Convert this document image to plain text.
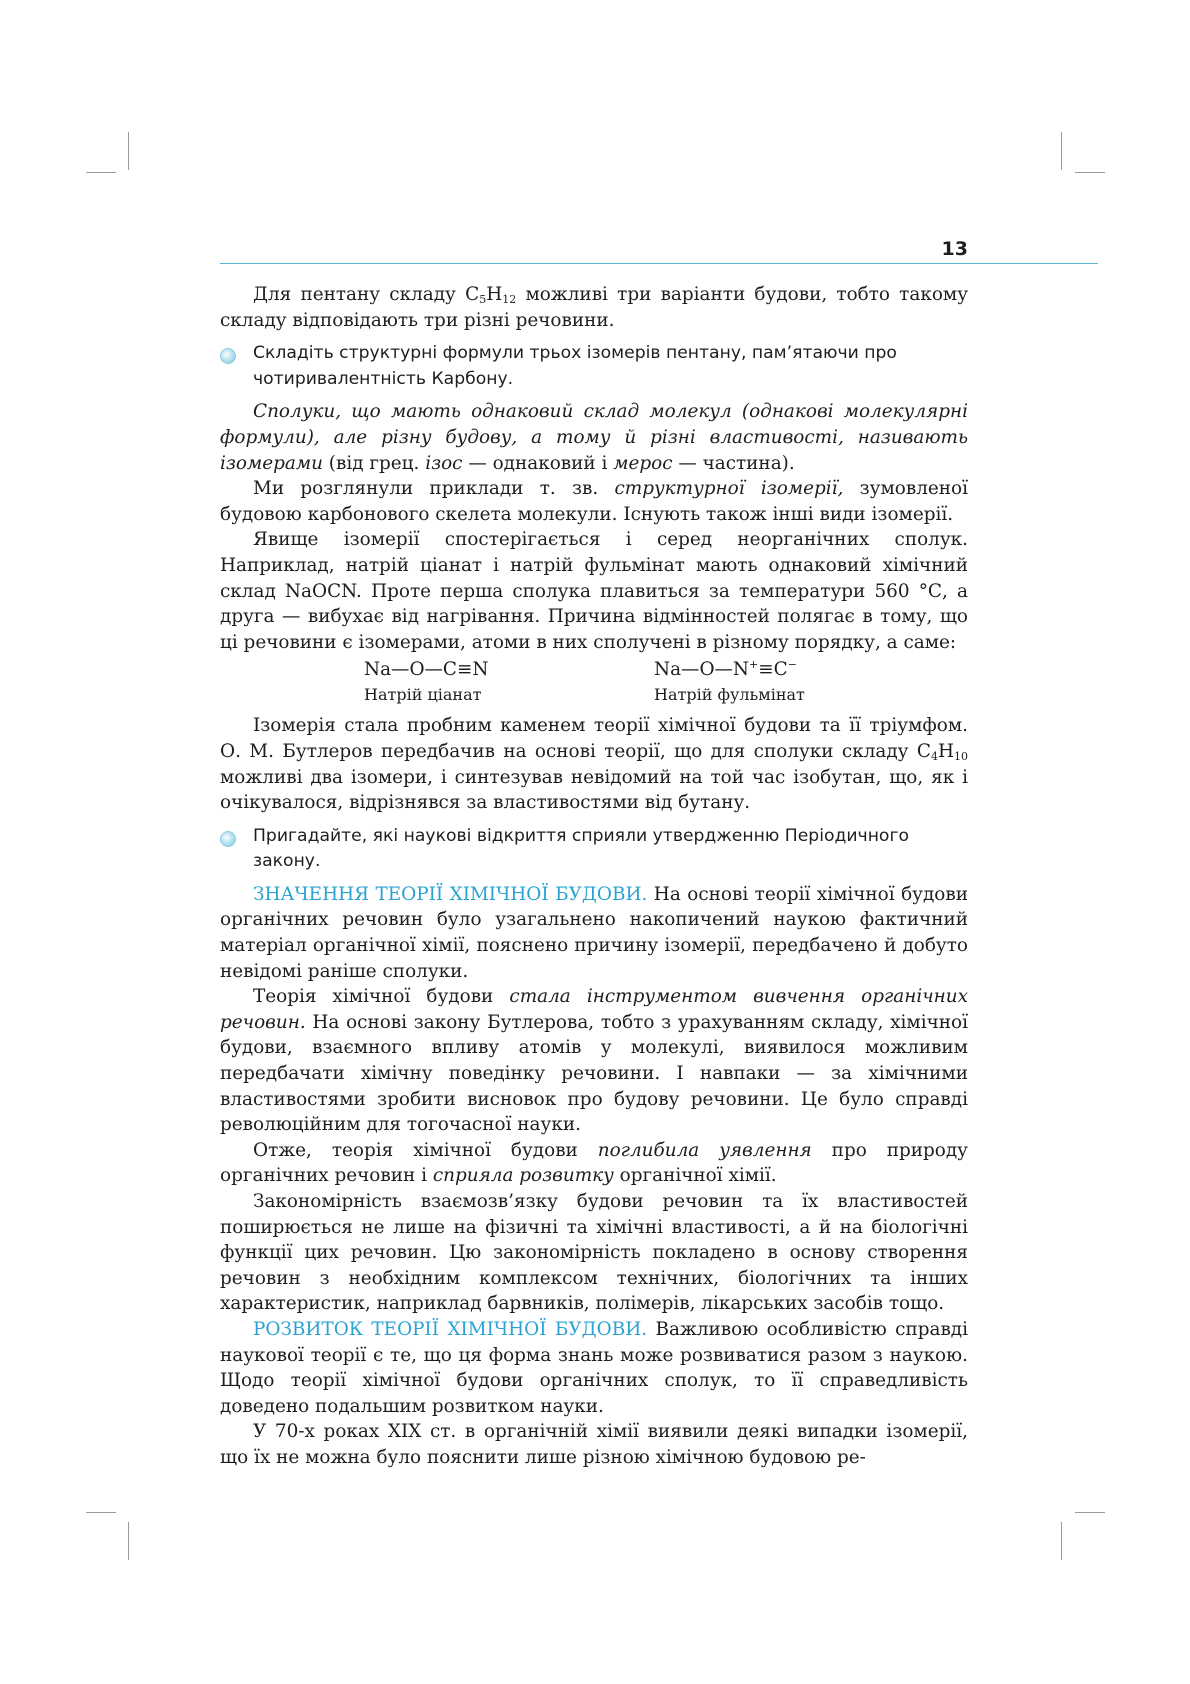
13

Для пентану складу $C_5H_{12}$ можливі три варіанти будови, тобто такому складу відповідають три різні речовини.

Складіть структурні формули трьох ізомерів пентану, пам’ятаючи про чотиривалентність Карбону.

Сполуки, що мають однаковий склад молекул (однакові молекулярні формули), але різну будову, а тому й різні властивості, називають ізомерами (від грец. ізос — однаковий і мерос — частина).

Ми розглянули приклади т. зв. структурної ізомерії, зумовленої будовою карбонового скелета молекули. Існують також інші види ізомерії.

Явище ізомерії спостерігається і серед неорганічних сполук. Наприклад, натрій ціанат і натрій фульмінат мають однаковий хімічний склад NaOCN. Проте перша сполука плавиться за температури 560 °С, а друга — вибухає від нагрівання. Причина відмінностей полягає в тому, що ці речовини є ізомерами, атоми в них сполучені в різному порядку, а саме:

Na—O—C≡N
Натрій ціанат
Na—O—N+≡C−
Натрій фульмінат

Ізомерія стала пробним каменем теорії хімічної будови та її тріумфом. О. М. Бутлеров передбачив на основі теорії, що для сполуки складу $C_4H_{10}$ можливі два ізомери, і синтезував невідомий на той час ізобутан, що, як і очікувалося, відрізнявся за властивостями від бутану.

Пригадайте, які наукові відкриття сприяли утвердженню Періодичного закону.

ЗНАЧЕННЯ ТЕОРІЇ ХІМІЧНОЇ БУДОВИ. На основі теорії хімічної будови органічних речовин було узагальнено накопичений наукою фактичний матеріал органічної хімії, пояснено причину ізомерії, передбачено й добуто невідомі раніше сполуки.

Теорія хімічної будови стала інструментом вивчення органічних речовин. На основі закону Бутлерова, тобто з урахуванням складу, хімічної будови, взаємного впливу атомів у молекулі, виявилося можливим передбачати хімічну поведінку речовини. І навпаки — за хімічними властивостями зробити висновок про будову речовини. Це було справді революційним для тогочасної науки.

Отже, теорія хімічної будови поглибила уявлення про природу органічних речовин і сприяла розвитку органічної хімії.

Закономірність взаємозв’язку будови речовин та їх властивостей поширюється не лише на фізичні та хімічні властивості, а й на біологічні функції цих речовин. Цю закономірність покладено в основу створення речовин з необхідним комплексом технічних, біологічних та інших характеристик, наприклад барвників, полімерів, лікарських засобів тощо.

РОЗВИТОК ТЕОРІЇ ХІМІЧНОЇ БУДОВИ. Важливою особливістю справді наукової теорії є те, що ця форма знань може розвиватися разом з наукою. Щодо теорії хімічної будови органічних сполук, то її справедливість доведено подальшим розвитком науки.

У 70-х роках XIX ст. в органічній хімії виявили деякі випадки ізомерії, що їх не можна було пояснити лише різною хімічною будовою ре-
